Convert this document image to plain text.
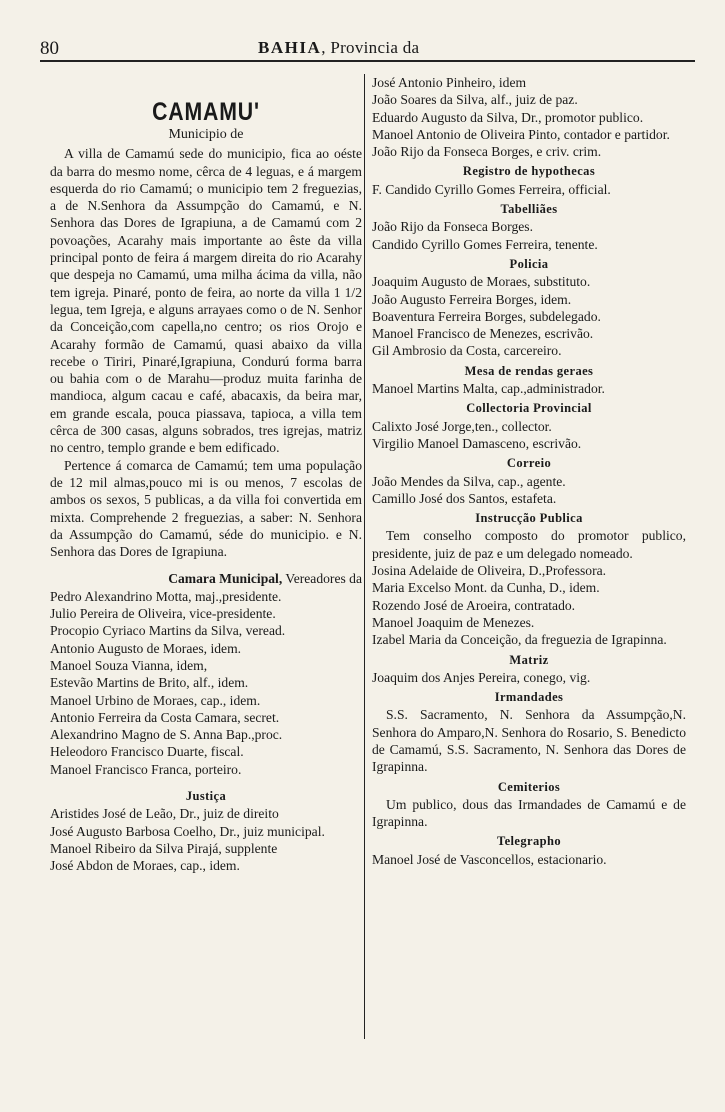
80	BAHIA, Provincia da
CAMAMU'
Municipio de

A villa de Camamú sede do municipio, fica ao oéste da barra do mesmo nome, cêrca de 4 leguas, e á margem esquerda do rio Camamú; o municipio tem 2 freguezias, a de N.Senhora da Assumpção do Camamú, e N. Senhora das Dores de Igrapiuna, a de Camamú com 2 povoações, Acarahy mais importante ao êste da villa principal ponto de feira á margem direita do rio Acarahy que despeja no Camamú, uma milha ácima da villa, não tem igreja. Pinaré, ponto de feira, ao norte da villa 1 1/2 legua, tem Igreja, e alguns arrayaes como o de N. Senhor da Conceição,com capella,no centro; os rios Orojo e Acarahy formão de Camamú, quasi abaixo da villa recebe o Tiriri, Pinaré,Igrapiuna, Condurú forma barra ou bahia com o de Marahu—produz muita farinha de mandioca, algum cacau e café, abacaxis, da beira mar, em grande escala, pouca piassava, tapioca, a villa tem cêrca de 300 casas, alguns sobrados, tres igrejas, matriz no centro, templo grande e bem edificado.

Pertence á comarca de Camamú; tem uma população de 12 mil almas,pouco mi is ou menos, 7 escolas de ambos os sexos, 5 publicas, a da villa foi convertida em mixta. Comprehende 2 freguezias, a saber: N. Senhora da Assumpção do Camamú, séde do municipio. e N. Senhora das Dores de Igrapiuna.

Camara Municipal, Vereadores da
Pedro Alexandrino Motta, maj.,presidente.
Julio Pereira de Oliveira, vice-presidente.
Procopio Cyriaco Martins da Silva, veread.
Antonio Augusto de Moraes, idem.
Manoel Souza Vianna, idem,
Estevão Martins de Brito, alf., idem.
Manoel Urbino de Moraes, cap., idem.
Antonio Ferreira da Costa Camara, secret.
Alexandrino Magno de S. Anna Bap.,proc.
Heleodoro Francisco Duarte, fiscal.
Manoel Francisco Franca, porteiro.
Justiça
Aristides José de Leão, Dr., juiz de direito
José Augusto Barbosa Coelho, Dr., juiz municipal.
Manoel Ribeiro da Silva Pirajá, supplente
José Abdon de Moraes, cap., idem.
José Antonio Pinheiro, idem
João Soares da Silva, alf., juiz de paz.
Eduardo Augusto da Silva, Dr., promotor publico.
Manoel Antonio de Oliveira Pinto, contador e partidor.
João Rijo da Fonseca Borges, e criv. crim.
Registro de hypothecas
F. Candido Cyrillo Gomes Ferreira, official.
Tabelliães
João Rijo da Fonseca Borges.
Candido Cyrillo Gomes Ferreira, tenente.
Policia
Joaquim Augusto de Moraes, substituto.
João Augusto Ferreira Borges, idem.
Boaventura Ferreira Borges, subdelegado.
Manoel Francisco de Menezes, escrivão.
Gil Ambrosio da Costa, carcereiro.
Mesa de rendas geraes
Manoel Martins Malta, cap.,administrador.
Collectoria Provincial
Calixto José Jorge,ten., collector.
Virgilio Manoel Damasceno, escrivão.
Correio
João Mendes da Silva, cap., agente.
Camillo José dos Santos, estafeta.
Instrucção Publica

Tem conselho composto do promotor publico, presidente, juiz de paz e um delegado nomeado.

Josina Adelaide de Oliveira, D.,Professora.
Maria Excelso Mont. da Cunha, D., idem.
Rozendo José de Aroeira, contratado.
Manoel Joaquim de Menezes.
Izabel Maria da Conceição, da freguezia de Igrapinna.
Matriz
Joaquim dos Anjes Pereira, conego, vig.
Irmandades

S.S. Sacramento, N. Senhora da Assumpção,N. Senhora do Amparo,N. Senhora do Rosario, S. Benedicto de Camamú, S.S. Sacramento, N. Senhora das Dores de Igrapinna.

Cemiterios

Um publico, dous das Irmandades de Camamú e de Igrapinna.

Telegrapho
Manoel José de Vasconcellos, estacionario.
